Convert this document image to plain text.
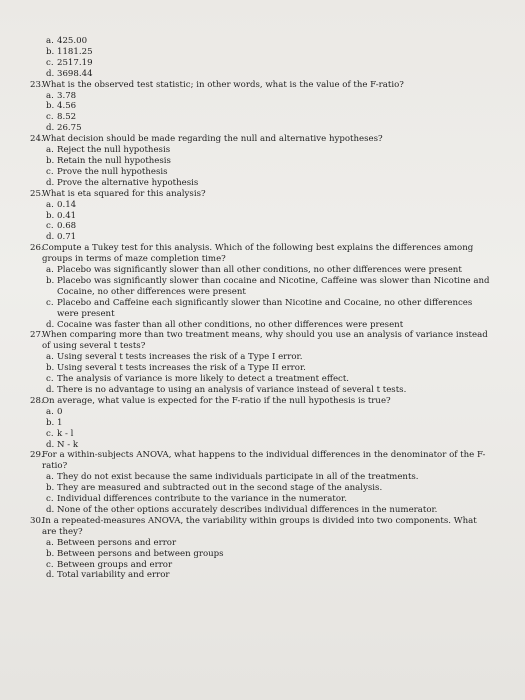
a. 425.00
b. 1181.25
c. 2517.19
d. 3698.44
23.
What is the observed test statistic; in other words, what is the value of the F-ratio?
a. 3.78
b. 4.56
c. 8.52
d. 26.75
24.
What decision should be made regarding the null and alternative hypotheses?
a. Reject the null hypothesis
b. Retain the null hypothesis
c. Prove the null hypothesis
d. Prove the alternative hypothesis
25.
What is eta squared for this analysis?
a. 0.14
b. 0.41
c. 0.68
d. 0.71
26.
Compute a Tukey test for this analysis. Which of the following best explains the differences among groups in terms of maze completion time?
a. Placebo was significantly slower than all other conditions, no other differences were present
b. Placebo was significantly slower than cocaine and Nicotine, Caffeine was slower than Nicotine and Cocaine, no other differences were present
c. Placebo and Caffeine each significantly slower than Nicotine and Cocaine, no other differences were present
d. Cocaine was faster than all other conditions, no other differences were present
27.
When comparing more than two treatment means, why should you use an analysis of variance instead of using several t tests?
a. Using several t tests increases the risk of a Type I error.
b. Using several t tests increases the risk of a Type II error.
c. The analysis of variance is more likely to detect a treatment effect.
d. There is no advantage to using an analysis of variance instead of several t tests.
28.
On average, what value is expected for the F-ratio if the null hypothesis is true?
a. 0
b. 1
c. k - l
d. N - k
29.
For a within-subjects ANOVA, what happens to the individual differences in the denominator of the F-ratio?
a. They do not exist because the same individuals participate in all of the treatments.
b. They are measured and subtracted out in the second stage of the analysis.
c. Individual differences contribute to the variance in the numerator.
d. None of the other options accurately describes individual differences in the numerator.
30.
In a repeated-measures ANOVA, the variability within groups is divided into two components. What are they?
a. Between persons and error
b. Between persons and between groups
c. Between groups and error
d. Total variability and error
